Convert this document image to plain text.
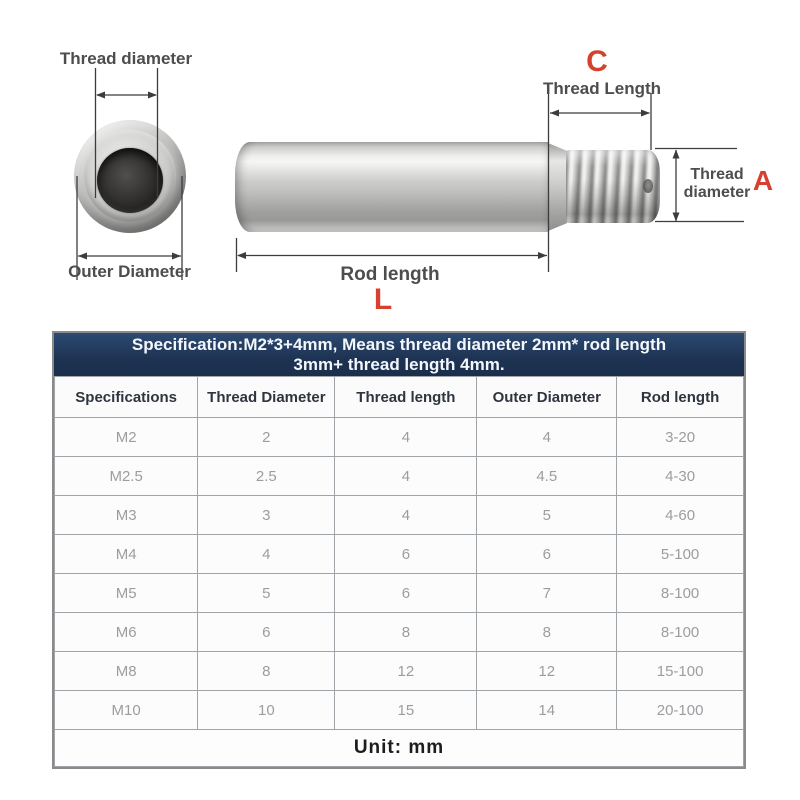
Thread diameter
Outer Diameter
C
Thread Length
Thread
diameter A
Rod length
L
Specification:M2*3+4mm, Means thread diameter 2mm* rod length
3mm+ thread length 4mm.
Specifications	Thread Diameter	Thread length	Outer Diameter	Rod length
M2	2	4	4	3-20
M2.5	2.5	4	4.5	4-30
M3	3	4	5	4-60
M4	4	6	6	5-100
M5	5	6	7	8-100
M6	6	8	8	8-100
M8	8	12	12	15-100
M10	10	15	14	20-100
Unit: mm				
